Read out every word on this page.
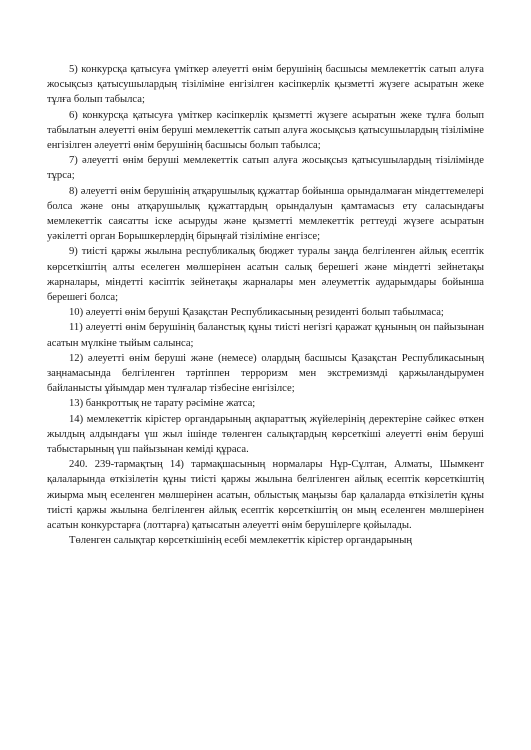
5) конкурсқа қатысуға үміткер әлеуетті өнім берушінің басшысы мемлекеттік сатып алуға жосықсыз қатысушылардың тізіліміне енгізілген кәсіпкерлік қызметті жүзеге асыратын жеке тұлға болып табылса;

6) конкурсқа қатысуға үміткер кәсіпкерлік қызметті жүзеге асыратын жеке тұлға болып табылатын әлеуетті өнім беруші мемлекеттік сатып алуға жосықсыз қатысушылардың тізіліміне енгізілген әлеуетті өнім берушінің басшысы болып табылса;

7) әлеуетті өнім беруші мемлекеттік сатып алуға жосықсыз қатысушылардың тізілімінде тұрса;

8) әлеуетті өнім берушінің атқарушылық құжаттар бойынша орындалмаған міндеттемелері болса және оны атқарушылық құжаттардың орындалуын қамтамасыз ету саласындағы мемлекеттік саясатты іске асыруды және қызметті мемлекеттік реттеуді жүзеге асыратын уәкілетті орган Борышкерлердің бірыңғай тізіліміне енгізсе;

9) тиісті қаржы жылына республикалық бюджет туралы заңда белгіленген айлық есептік көрсеткіштің алты еселеген мөлшерінен асатын салық берешегі және міндетті зейнетақы жарналары, міндетті кәсіптік зейнетақы жарналары мен әлеуметтік аударымдары бойынша берешегі болса;

10) әлеуетті өнім беруші Қазақстан Республикасының резиденті болып табылмаса;

11) әлеуетті өнім берушінің баланстық құны тиісті негізгі қаражат құнының он пайызынан асатын мүлкіне тыйым салынса;

12) әлеуетті өнім беруші және (немесе) олардың басшысы Қазақстан Республикасының заңнамасында белгіленген тәртіппен терроризм мен экстремизмді қаржыландырумен байланысты ұйымдар мен тұлғалар тізбесіне енгізілсе;

13) банкроттық не тарату рәсіміне жатса;

14) мемлекеттік кірістер органдарының ақпараттық жүйелерінің деректеріне сәйкес өткен жылдың алдындағы үш жыл ішінде төленген салықтардың көрсеткіші әлеуетті өнім беруші табыстарының үш пайызынан кеміді құраса.

240. 239-тармақтың 14) тармақшасының нормалары Нұр-Сұлтан, Алматы, Шымкент қалаларында өткізілетін құны тиісті қаржы жылына белгіленген айлық есептік көрсеткіштің жиырма мың еселенген мөлшерінен асатын, облыстық маңызы бар қалаларда өткізілетін құны тиісті қаржы жылына белгіленген айлық есептік көрсеткіштің он мың еселенген мөлшерінен асатын конкурстарға (лоттарға) қатысатын әлеуетті өнім берушілерге қойылады.

Төленген салықтар көрсеткішінің есебі мемлекеттік кірістер органдарының
